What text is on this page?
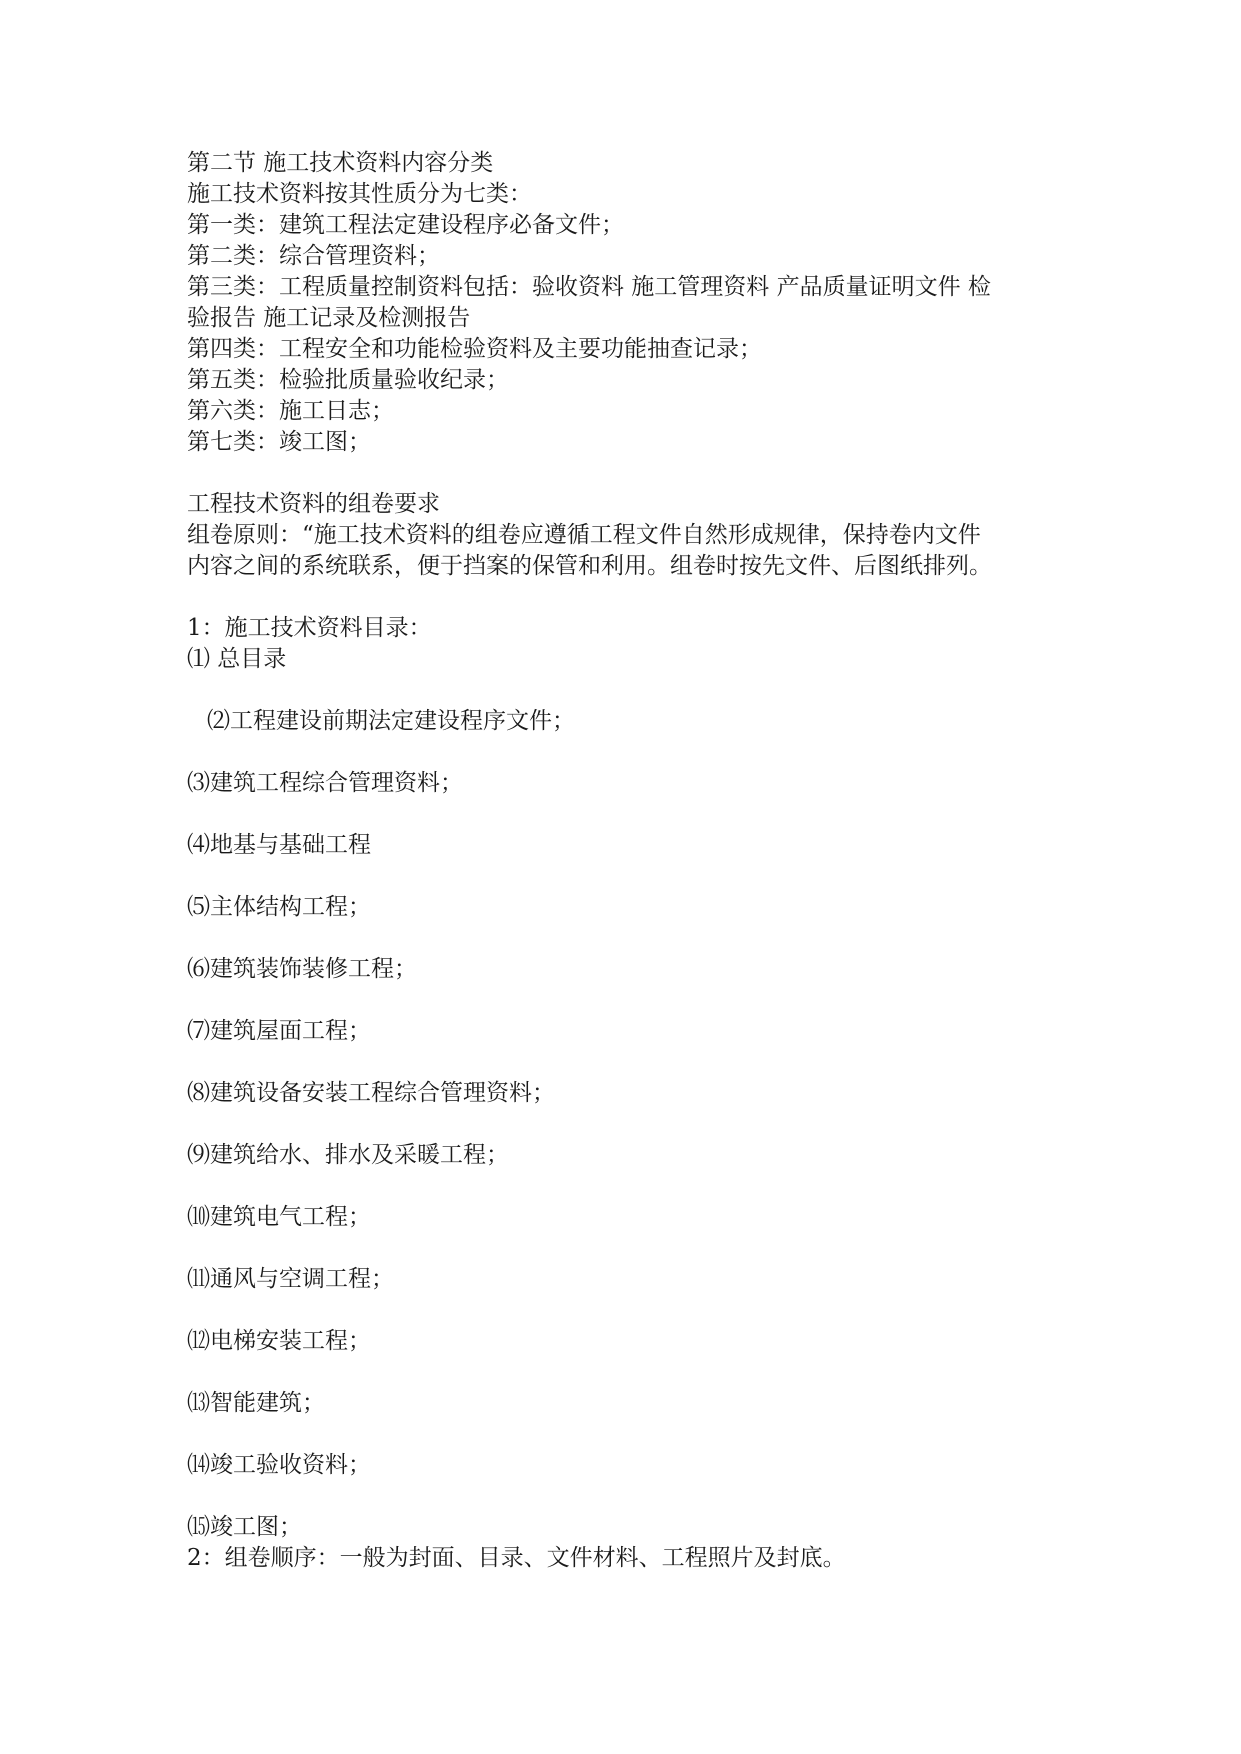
第二节 施工技术资料内容分类

施工技术资料按其性质分为七类：

第一类：建筑工程法定建设程序必备文件；

第二类：综合管理资料；

第三类：工程质量控制资料包括：验收资料 施工管理资料 产品质量证明文件 检

验报告 施工记录及检测报告

第四类：工程安全和功能检验资料及主要功能抽查记录；

第五类：检验批质量验收纪录；

第六类：施工日志；

第七类：竣工图；

工程技术资料的组卷要求

组卷原则：“施工技术资料的组卷应遵循工程文件自然形成规律，保持卷内文件

内容之间的系统联系，便于挡案的保管和利用。组卷时按先文件、后图纸排列。

1：施工技术资料目录：

⑴ 总目录
⑵工程建设前期法定建设程序文件；
⑶建筑工程综合管理资料；
⑷地基与基础工程
⑸主体结构工程；
⑹建筑装饰装修工程；
⑺建筑屋面工程；
⑻建筑设备安装工程综合管理资料；
⑼建筑给水、排水及采暖工程；
⑽建筑电气工程；
⑾通风与空调工程；
⑿电梯安装工程；
⒀智能建筑；
⒁竣工验收资料；

⒂竣工图；

2：组卷顺序：一般为封面、目录、文件材料、工程照片及封底。
